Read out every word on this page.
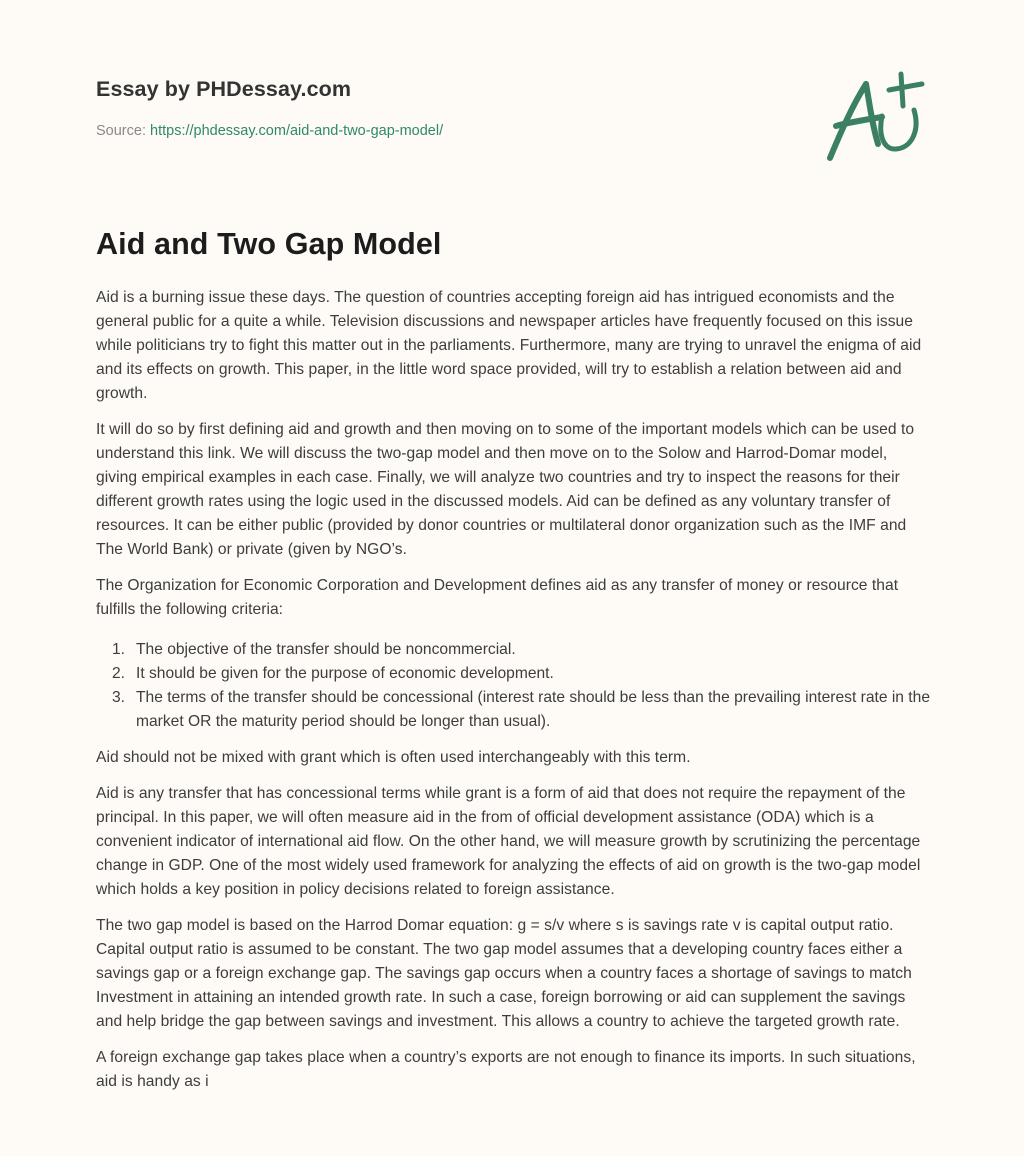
Essay by PHDessay.com
Source: https://phdessay.com/aid-and-two-gap-model/
Aid and Two Gap Model

Aid is a burning issue these days. The question of countries accepting foreign aid has intrigued economists and the general public for a quite a while. Television discussions and newspaper articles have frequently focused on this issue while politicians try to fight this matter out in the parliaments. Furthermore, many are trying to unravel the enigma of aid and its effects on growth. This paper, in the little word space provided, will try to establish a relation between aid and growth.

It will do so by first defining aid and growth and then moving on to some of the important models which can be used to understand this link. We will discuss the two-gap model and then move on to the Solow and Harrod-Domar model, giving empirical examples in each case. Finally, we will analyze two countries and try to inspect the reasons for their different growth rates using the logic used in the discussed models. Aid can be defined as any voluntary transfer of resources. It can be either public (provided by donor countries or multilateral donor organization such as the IMF and The World Bank) or private (given by NGO’s.

The Organization for Economic Corporation and Development defines aid as any transfer of money or resource that fulfills the following criteria:

1. The objective of the transfer should be noncommercial.
2. It should be given for the purpose of economic development.
3. The terms of the transfer should be concessional (interest rate should be less than the prevailing interest rate in the market OR the maturity period should be longer than usual).

Aid should not be mixed with grant which is often used interchangeably with this term.

Aid is any transfer that has concessional terms while grant is a form of aid that does not require the repayment of the principal. In this paper, we will often measure aid in the from of official development assistance (ODA) which is a convenient indicator of international aid flow. On the other hand, we will measure growth by scrutinizing the percentage change in GDP. One of the most widely used framework for analyzing the effects of aid on growth is the two-gap model which holds a key position in policy decisions related to foreign assistance.

The two gap model is based on the Harrod Domar equation: g = s/v where s is savings rate v is capital output ratio. Capital output ratio is assumed to be constant. The two gap model assumes that a developing country faces either a savings gap or a foreign exchange gap. The savings gap occurs when a country faces a shortage of savings to match Investment in attaining an intended growth rate. In such a case, foreign borrowing or aid can supplement the savings and help bridge the gap between savings and investment. This allows a country to achieve the targeted growth rate.

A foreign exchange gap takes place when a country’s exports are not enough to finance its imports. In such situations, aid is handy as i
